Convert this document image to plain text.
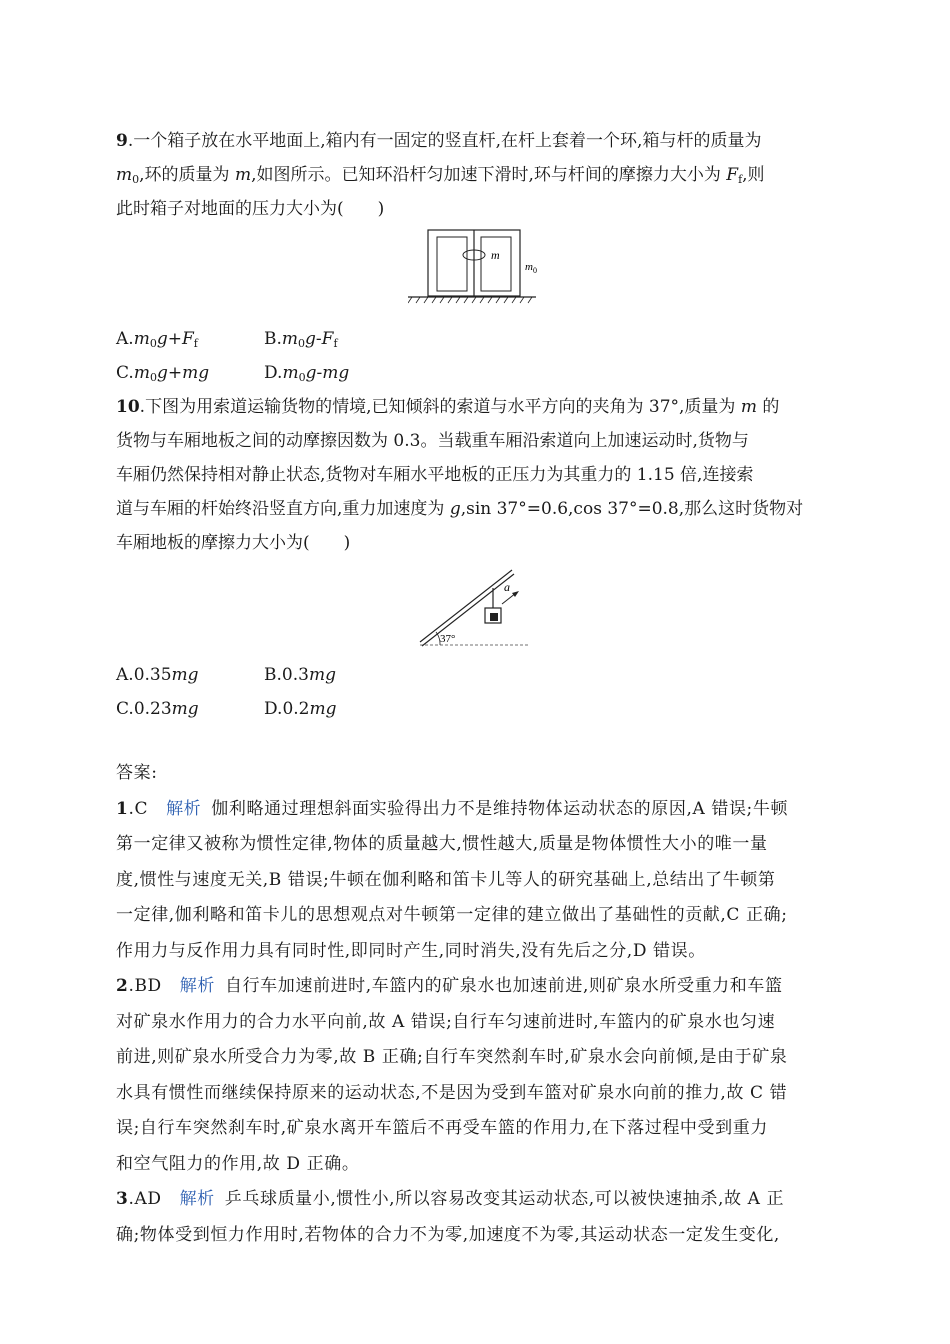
9.一个箱子放在水平地面上,箱内有一固定的竖直杆,在杆上套着一个环,箱与杆的质量为
$m_0$,环的质量为 m,如图所示。已知环沿杆匀加速下滑时,环与杆间的摩擦力大小为 $F_f$,则
此时箱子对地面的压力大小为(　　)

m
$m_0$
$A.m_0g+F_f$	$B.m_0g-F_f$
$C.m_0g+mg$	$D.m_0g-mg$

10.下图为用索道运输货物的情境,已知倾斜的索道与水平方向的夹角为 37°,质量为 m 的
货物与车厢地板之间的动摩擦因数为 0.3。当载重车厢沿索道向上加速运动时,货物与
车厢仍然保持相对静止状态,货物对车厢水平地板的正压力为其重力的 1.15 倍,连接索
道与车厢的杆始终沿竖直方向,重力加速度为 g,sin 37°=0.6,cos 37°=0.8,那么这时货物对
车厢地板的摩擦力大小为(　　)

37°
a
A.0.35mg	B.0.3mg
C.0.23mg	D.0.2mg

答案:

1.C 解析 伽利略通过理想斜面实验得出力不是维持物体运动状态的原因,A 错误;牛顿
第一定律又被称为惯性定律,物体的质量越大,惯性越大,质量是物体惯性大小的唯一量
度,惯性与速度无关,B 错误;牛顿在伽利略和笛卡儿等人的研究基础上,总结出了牛顿第
一定律,伽利略和笛卡儿的思想观点对牛顿第一定律的建立做出了基础性的贡献,C 正确;
作用力与反作用力具有同时性,即同时产生,同时消失,没有先后之分,D 错误。

2.BD 解析 自行车加速前进时,车篮内的矿泉水也加速前进,则矿泉水所受重力和车篮
对矿泉水作用力的合力水平向前,故 A 错误;自行车匀速前进时,车篮内的矿泉水也匀速
前进,则矿泉水所受合力为零,故 B 正确;自行车突然刹车时,矿泉水会向前倾,是由于矿泉
水具有惯性而继续保持原来的运动状态,不是因为受到车篮对矿泉水向前的推力,故 C 错
误;自行车突然刹车时,矿泉水离开车篮后不再受车篮的作用力,在下落过程中受到重力
和空气阻力的作用,故 D 正确。

3.AD 解析 乒乓球质量小,惯性小,所以容易改变其运动状态,可以被快速抽杀,故 A 正
确;物体受到恒力作用时,若物体的合力不为零,加速度不为零,其运动状态一定发生变化,
